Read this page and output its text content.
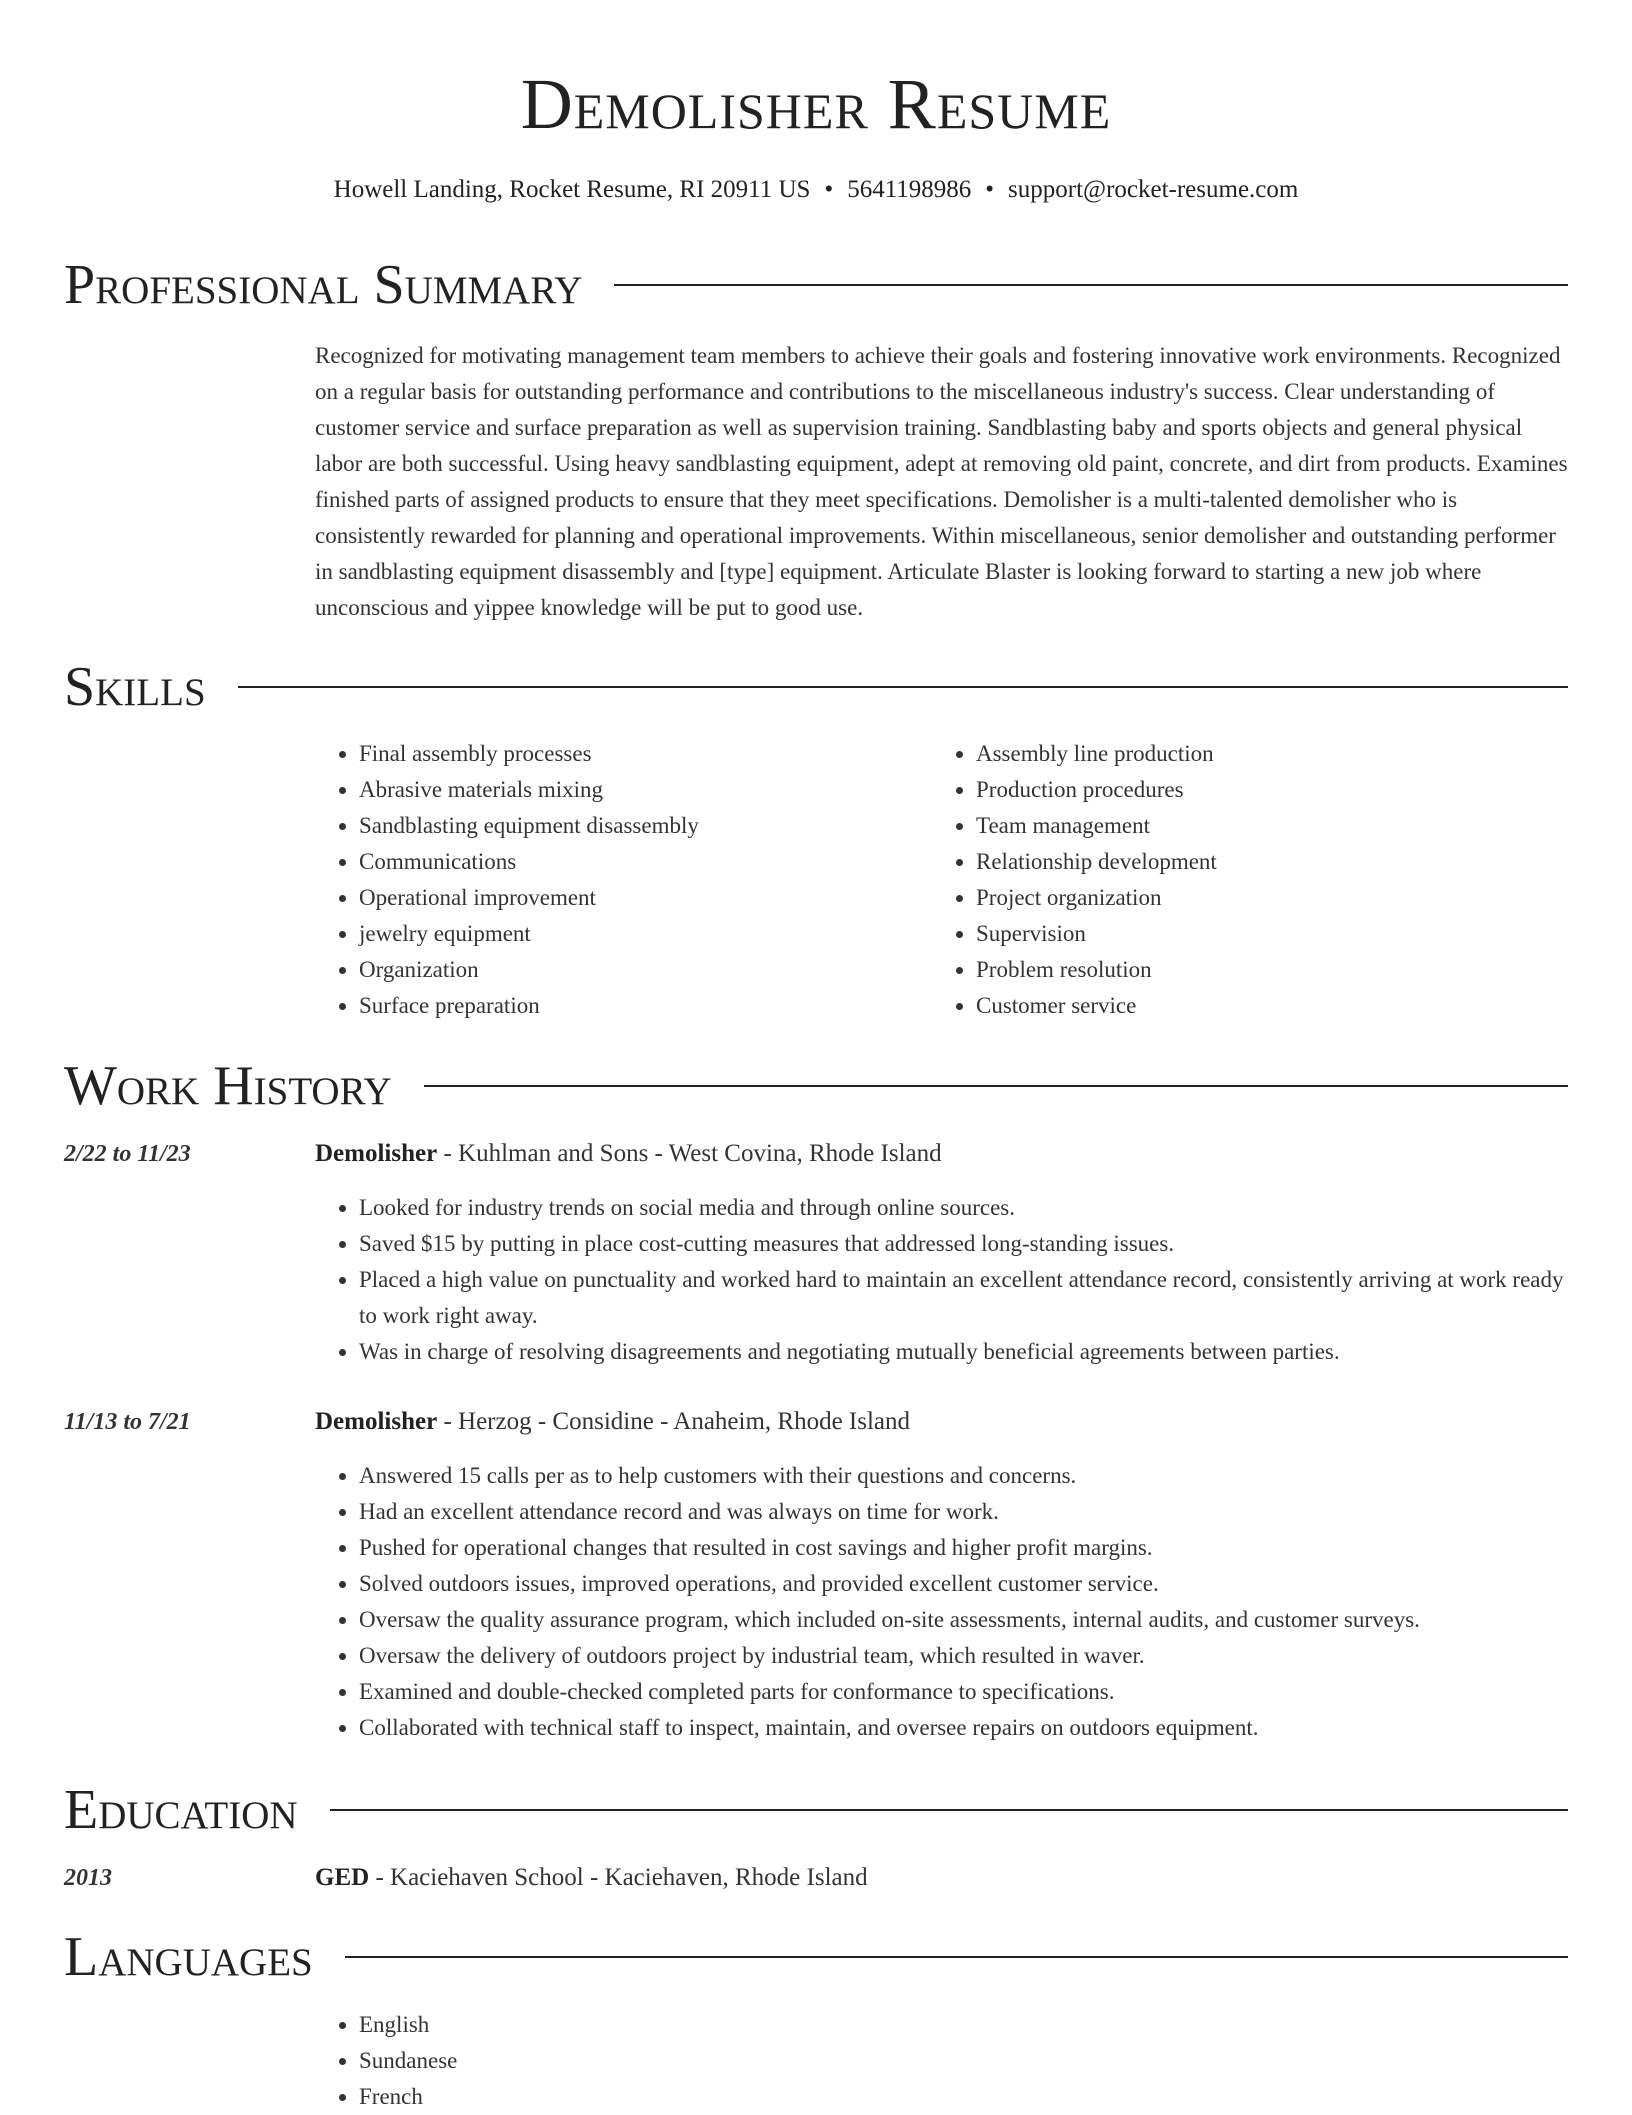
Demolisher Resume
Howell Landing, Rocket Resume, RI 20911 US • 5641198986 • support@rocket-resume.com
Professional Summary

Recognized for motivating management team members to achieve their goals and fostering innovative work environments. Recognized on a regular basis for outstanding performance and contributions to the miscellaneous industry's success. Clear understanding of customer service and surface preparation as well as supervision training. Sandblasting baby and sports objects and general physical labor are both successful. Using heavy sandblasting equipment, adept at removing old paint, concrete, and dirt from products. Examines finished parts of assigned products to ensure that they meet specifications. Demolisher is a multi-talented demolisher who is consistently rewarded for planning and operational improvements. Within miscellaneous, senior demolisher and outstanding performer in sandblasting equipment disassembly and [type] equipment. Articulate Blaster is looking forward to starting a new job where unconscious and yippee knowledge will be put to good use.

Skills
• Final assembly processes
• Abrasive materials mixing
• Sandblasting equipment disassembly
• Communications
• Operational improvement
• jewelry equipment
• Organization
• Surface preparation
• Assembly line production
• Production procedures
• Team management
• Relationship development
• Project organization
• Supervision
• Problem resolution
• Customer service
Work History
2/22 to 11/23	Demolisher - Kuhlman and Sons - West Covina, Rhode Island
• Looked for industry trends on social media and through online sources.
• Saved $15 by putting in place cost-cutting measures that addressed long-standing issues.
• Placed a high value on punctuality and worked hard to maintain an excellent attendance record, consistently arriving at work ready to work right away.
• Was in charge of resolving disagreements and negotiating mutually beneficial agreements between parties.
11/13 to 7/21	Demolisher - Herzog - Considine - Anaheim, Rhode Island
• Answered 15 calls per as to help customers with their questions and concerns.
• Had an excellent attendance record and was always on time for work.
• Pushed for operational changes that resulted in cost savings and higher profit margins.
• Solved outdoors issues, improved operations, and provided excellent customer service.
• Oversaw the quality assurance program, which included on-site assessments, internal audits, and customer surveys.
• Oversaw the delivery of outdoors project by industrial team, which resulted in waver.
• Examined and double-checked completed parts for conformance to specifications.
• Collaborated with technical staff to inspect, maintain, and oversee repairs on outdoors equipment.
Education
2013	GED - Kaciehaven School - Kaciehaven, Rhode Island
Languages
• English
• Sundanese
• French
